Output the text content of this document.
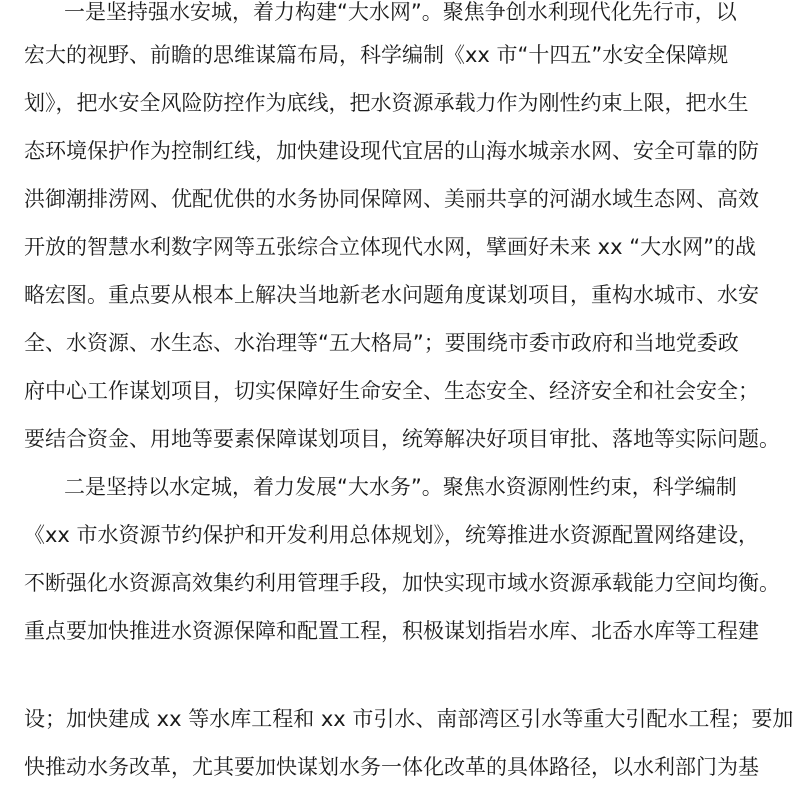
一是坚持强水安城，着力构建“大水网”。聚焦争创水利现代化先行市，以
宏大的视野、前瞻的思维谋篇布局，科学编制《xx 市“十四五”水安全保障规
划》，把水安全风险防控作为底线，把水资源承载力作为刚性约束上限，把水生
态环境保护作为控制红线，加快建设现代宜居的山海水城亲水网、安全可靠的防
洪御潮排涝网、优配优供的水务协同保障网、美丽共享的河湖水域生态网、高效
开放的智慧水利数字网等五张综合立体现代水网，擘画好未来 xx “大水网”的战
略宏图。重点要从根本上解决当地新老水问题角度谋划项目，重构水城市、水安
全、水资源、水生态、水治理等“五大格局”；要围绕市委市政府和当地党委政
府中心工作谋划项目，切实保障好生命安全、生态安全、经济安全和社会安全；
要结合资金、用地等要素保障谋划项目，统筹解决好项目审批、落地等实际问题。
二是坚持以水定城，着力发展“大水务”。聚焦水资源刚性约束，科学编制
《xx 市水资源节约保护和开发利用总体规划》，统筹推进水资源配置网络建设，
不断强化水资源高效集约利用管理手段，加快实现市域水资源承载能力空间均衡。
重点要加快推进水资源保障和配置工程，积极谋划指岩水库、北岙水库等工程建
设；加快建成 xx 等水库工程和 xx 市引水、南部湾区引水等重大引配水工程；要加
快推动水务改革，尤其要加快谋划水务一体化改革的具体路径，以水利部门为基
